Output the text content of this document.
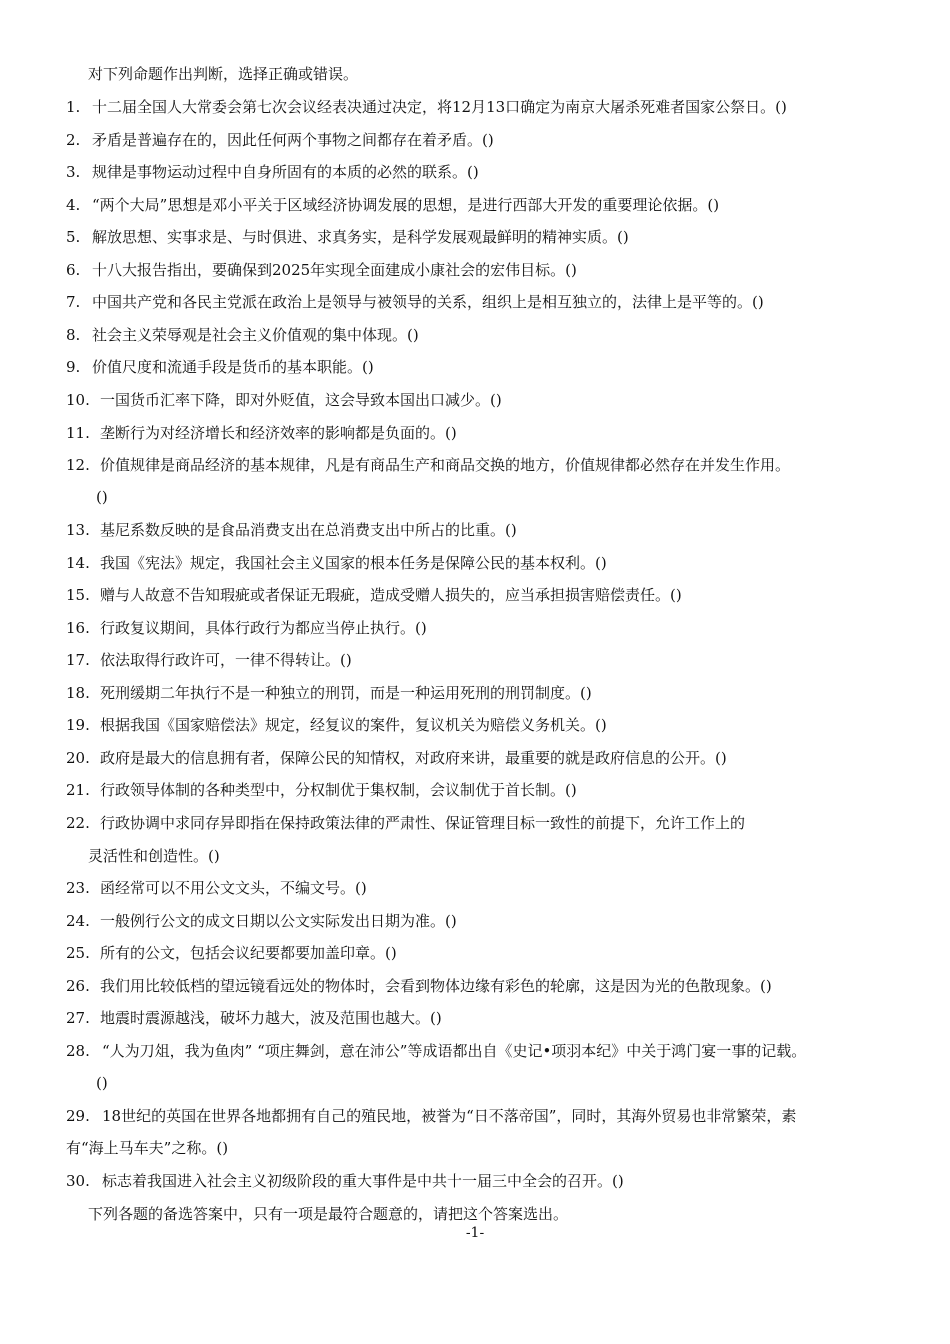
对下列命题作出判断，选择正确或错误。
1. 十二届全国人大常委会第七次会议经表决通过决定，将12月13口确定为南京大屠杀死难者国家公祭日。()
2. 矛盾是普遍存在的，因此任何两个事物之间都存在着矛盾。()
3. 规律是事物运动过程中自身所固有的本质的必然的联系。()
4. “两个大局”思想是邓小平关于区域经济协调发展的思想，是进行西部大开发的重要理论依据。()
5. 解放思想、实事求是、与时俱进、求真务实，是科学发展观最鲜明的精神实质。()
6. 十八大报告指出，要确保到2025年实现全面建成小康社会的宏伟目标。()
7. 中国共产党和各民主党派在政治上是领导与被领导的关系，组织上是相互独立的，法律上是平等的。()
8. 社会主义荣辱观是社会主义价值观的集中体现。()
9. 价值尺度和流通手段是货币的基本职能。()
10. 一国货币汇率下降，即对外贬值，这会导致本国出口减少。()
11. 垄断行为对经济增长和经济效率的影响都是负面的。()
12. 价值规律是商品经济的基本规律，凡是有商品生产和商品交换的地方，价值规律都必然存在并发生作用。
()
13. 基尼系数反映的是食品消费支出在总消费支出中所占的比重。()
14. 我国《宪法》规定，我国社会主义国家的根本任务是保障公民的基本权利。()
15. 赠与人故意不告知瑕疵或者保证无瑕疵，造成受赠人损失的，应当承担损害赔偿责任。()
16. 行政复议期间，具体行政行为都应当停止执行。()
17. 依法取得行政许可，一律不得转让。()
18. 死刑缓期二年执行不是一种独立的刑罚，而是一种运用死刑的刑罚制度。()
19. 根据我国《国家赔偿法》规定，经复议的案件，复议机关为赔偿义务机关。()
20. 政府是最大的信息拥有者，保障公民的知情权，对政府来讲，最重要的就是政府信息的公开。()
21. 行政领导体制的各种类型中，分权制优于集权制，会议制优于首长制。()
22. 行政协调中求同存异即指在保持政策法律的严肃性、保证管理目标一致性的前提下，允许工作上的
灵活性和创造性。()
23. 函经常可以不用公文文头，不编文号。()
24. 一般例行公文的成文日期以公文实际发出日期为准。()
25. 所有的公文，包括会议纪要都要加盖印章。()
26. 我们用比较低档的望远镜看远处的物体时，会看到物体边缘有彩色的轮廓，这是因为光的色散现象。()
27. 地震时震源越浅，破坏力越大，波及范围也越大。()
28. “人为刀俎，我为鱼肉” “项庄舞剑，意在沛公”等成语都出自《史记•项羽本纪》中关于鸿门宴一事的记载。
()
29. 18世纪的英国在世界各地都拥有自己的殖民地，被誉为“日不落帝国”，同时，其海外贸易也非常繁荣，素
有“海上马车夫”之称。()
30. 标志着我国进入社会主义初级阶段的重大事件是中共十一届三中全会的召开。()
下列各题的备选答案中，只有一项是最符合题意的，请把这个答案选出。
-1-
